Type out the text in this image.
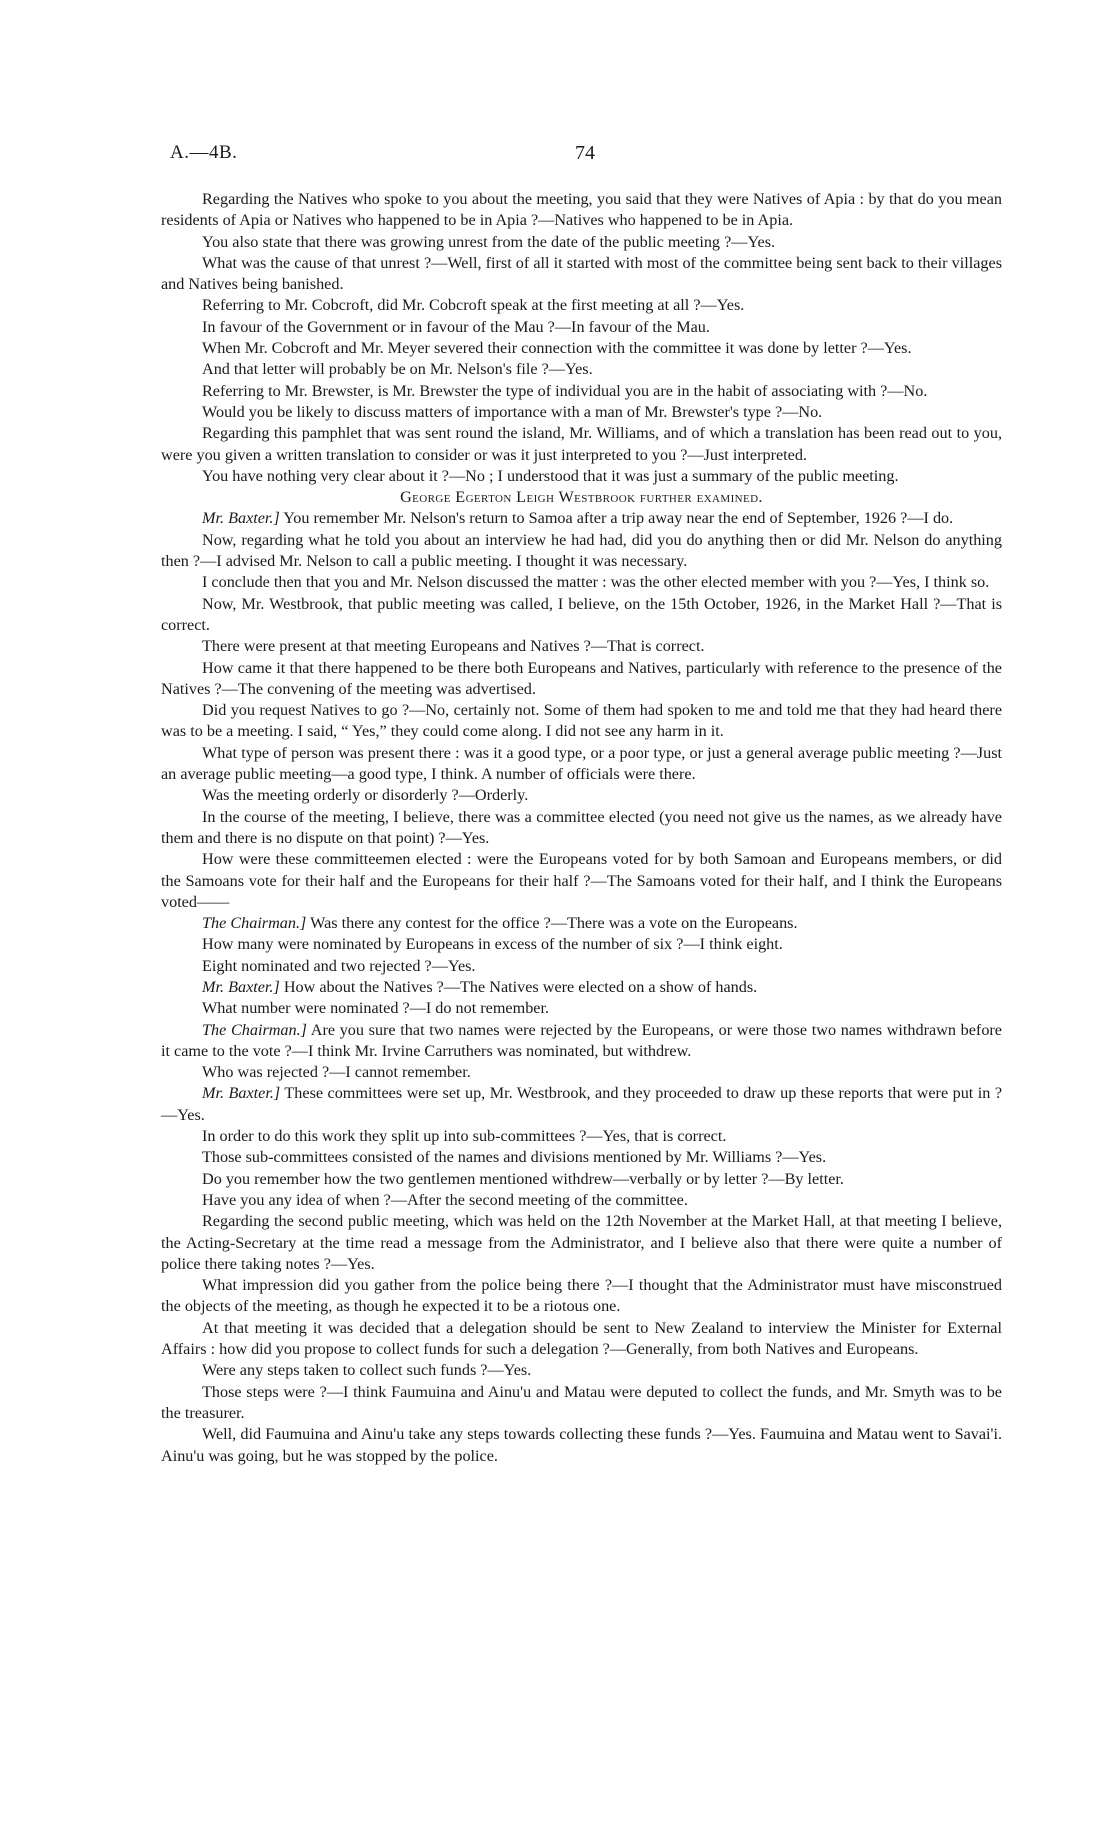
A.—4B.	74

Regarding the Natives who spoke to you about the meeting, you said that they were Natives of Apia : by that do you mean residents of Apia or Natives who happened to be in Apia ?—Natives who happened to be in Apia.

You also state that there was growing unrest from the date of the public meeting ?—Yes.

What was the cause of that unrest ?—Well, first of all it started with most of the committee being sent back to their villages and Natives being banished.

Referring to Mr. Cobcroft, did Mr. Cobcroft speak at the first meeting at all ?—Yes.

In favour of the Government or in favour of the Mau ?—In favour of the Mau.

When Mr. Cobcroft and Mr. Meyer severed their connection with the committee it was done by letter ?—Yes.

And that letter will probably be on Mr. Nelson's file ?—Yes.

Referring to Mr. Brewster, is Mr. Brewster the type of individual you are in the habit of associating with ?—No.

Would you be likely to discuss matters of importance with a man of Mr. Brewster's type ?—No.

Regarding this pamphlet that was sent round the island, Mr. Williams, and of which a translation has been read out to you, were you given a written translation to consider or was it just interpreted to you ?—Just interpreted.

You have nothing very clear about it ?—No ; I understood that it was just a summary of the public meeting.

George Egerton Leigh Westbrook further examined.

Mr. Baxter.] You remember Mr. Nelson's return to Samoa after a trip away near the end of September, 1926 ?—I do.

Now, regarding what he told you about an interview he had had, did you do anything then or did Mr. Nelson do anything then ?—I advised Mr. Nelson to call a public meeting. I thought it was necessary.

I conclude then that you and Mr. Nelson discussed the matter : was the other elected member with you ?—Yes, I think so.

Now, Mr. Westbrook, that public meeting was called, I believe, on the 15th October, 1926, in the Market Hall ?—That is correct.

There were present at that meeting Europeans and Natives ?—That is correct.

How came it that there happened to be there both Europeans and Natives, particularly with reference to the presence of the Natives ?—The convening of the meeting was advertised.

Did you request Natives to go ?—No, certainly not. Some of them had spoken to me and told me that they had heard there was to be a meeting. I said, “ Yes,” they could come along. I did not see any harm in it.

What type of person was present there : was it a good type, or a poor type, or just a general average public meeting ?—Just an average public meeting—a good type, I think. A number of officials were there.

Was the meeting orderly or disorderly ?—Orderly.

In the course of the meeting, I believe, there was a committee elected (you need not give us the names, as we already have them and there is no dispute on that point) ?—Yes.

How were these committeemen elected : were the Europeans voted for by both Samoan and Europeans members, or did the Samoans vote for their half and the Europeans for their half ?—The Samoans voted for their half, and I think the Europeans voted——

The Chairman.] Was there any contest for the office ?—There was a vote on the Europeans.

How many were nominated by Europeans in excess of the number of six ?—I think eight.

Eight nominated and two rejected ?—Yes.

Mr. Baxter.] How about the Natives ?—The Natives were elected on a show of hands.

What number were nominated ?—I do not remember.

The Chairman.] Are you sure that two names were rejected by the Europeans, or were those two names withdrawn before it came to the vote ?—I think Mr. Irvine Carruthers was nominated, but withdrew.

Who was rejected ?—I cannot remember.

Mr. Baxter.] These committees were set up, Mr. Westbrook, and they proceeded to draw up these reports that were put in ?—Yes.

In order to do this work they split up into sub-committees ?—Yes, that is correct.

Those sub-committees consisted of the names and divisions mentioned by Mr. Williams ?—Yes.

Do you remember how the two gentlemen mentioned withdrew—verbally or by letter ?—By letter.

Have you any idea of when ?—After the second meeting of the committee.

Regarding the second public meeting, which was held on the 12th November at the Market Hall, at that meeting I believe, the Acting-Secretary at the time read a message from the Administrator, and I believe also that there were quite a number of police there taking notes ?—Yes.

What impression did you gather from the police being there ?—I thought that the Administrator must have misconstrued the objects of the meeting, as though he expected it to be a riotous one.

At that meeting it was decided that a delegation should be sent to New Zealand to interview the Minister for External Affairs : how did you propose to collect funds for such a delegation ?—Generally, from both Natives and Europeans.

Were any steps taken to collect such funds ?—Yes.

Those steps were ?—I think Faumuina and Ainu'u and Matau were deputed to collect the funds, and Mr. Smyth was to be the treasurer.

Well, did Faumuina and Ainu'u take any steps towards collecting these funds ?—Yes. Faumuina and Matau went to Savai'i. Ainu'u was going, but he was stopped by the police.
